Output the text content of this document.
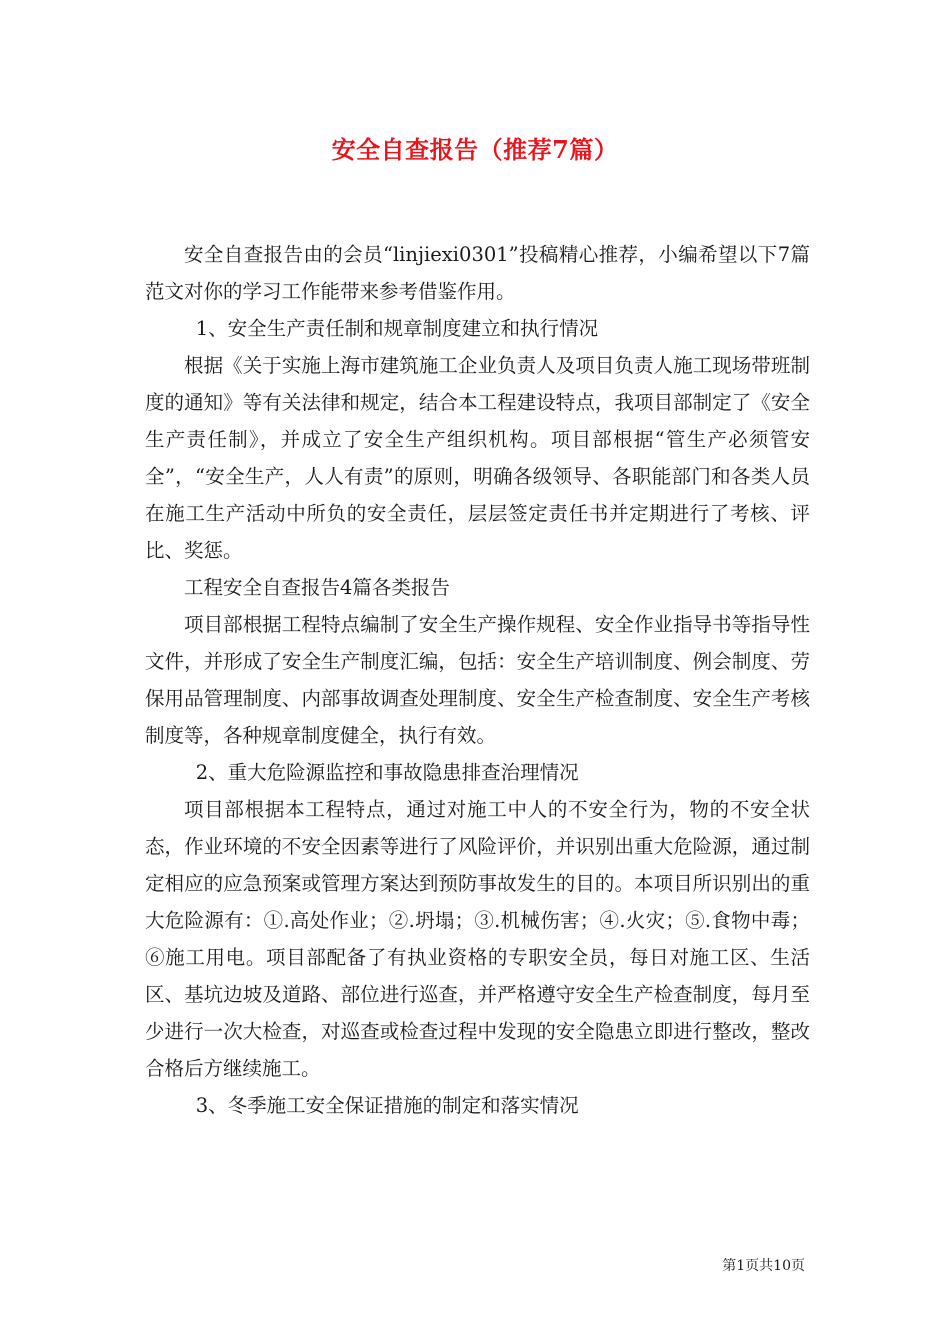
安全自查报告（推荐7篇）

安全自查报告由的会员“linjiexi0301”投稿精心推荐，小编希望以下7篇范文对你的学习工作能带来参考借鉴作用。

1、安全生产责任制和规章制度建立和执行情况

根据《关于实施上海市建筑施工企业负责人及项目负责人施工现场带班制度的通知》等有关法律和规定，结合本工程建设特点，我项目部制定了《安全生产责任制》，并成立了安全生产组织机构。项目部根据“管生产必须管安全”，“安全生产，人人有责”的原则，明确各级领导、各职能部门和各类人员在施工生产活动中所负的安全责任，层层签定责任书并定期进行了考核、评比、奖惩。

工程安全自查报告4篇各类报告

项目部根据工程特点编制了安全生产操作规程、安全作业指导书等指导性文件，并形成了安全生产制度汇编，包括：安全生产培训制度、例会制度、劳保用品管理制度、内部事故调查处理制度、安全生产检查制度、安全生产考核制度等，各种规章制度健全，执行有效。

2、重大危险源监控和事故隐患排查治理情况

项目部根据本工程特点，通过对施工中人的不安全行为，物的不安全状态，作业环境的不安全因素等进行了风险评价，并识别出重大危险源，通过制定相应的应急预案或管理方案达到预防事故发生的目的。本项目所识别出的重大危险源有：①.高处作业；②.坍塌；③.机械伤害；④.火灾；⑤.食物中毒；⑥施工用电。项目部配备了有执业资格的专职安全员，每日对施工区、生活区、基坑边坡及道路、部位进行巡查，并严格遵守安全生产检查制度，每月至少进行一次大检查，对巡查或检查过程中发现的安全隐患立即进行整改，整改合格后方继续施工。

3、冬季施工安全保证措施的制定和落实情况

第1页共10页
